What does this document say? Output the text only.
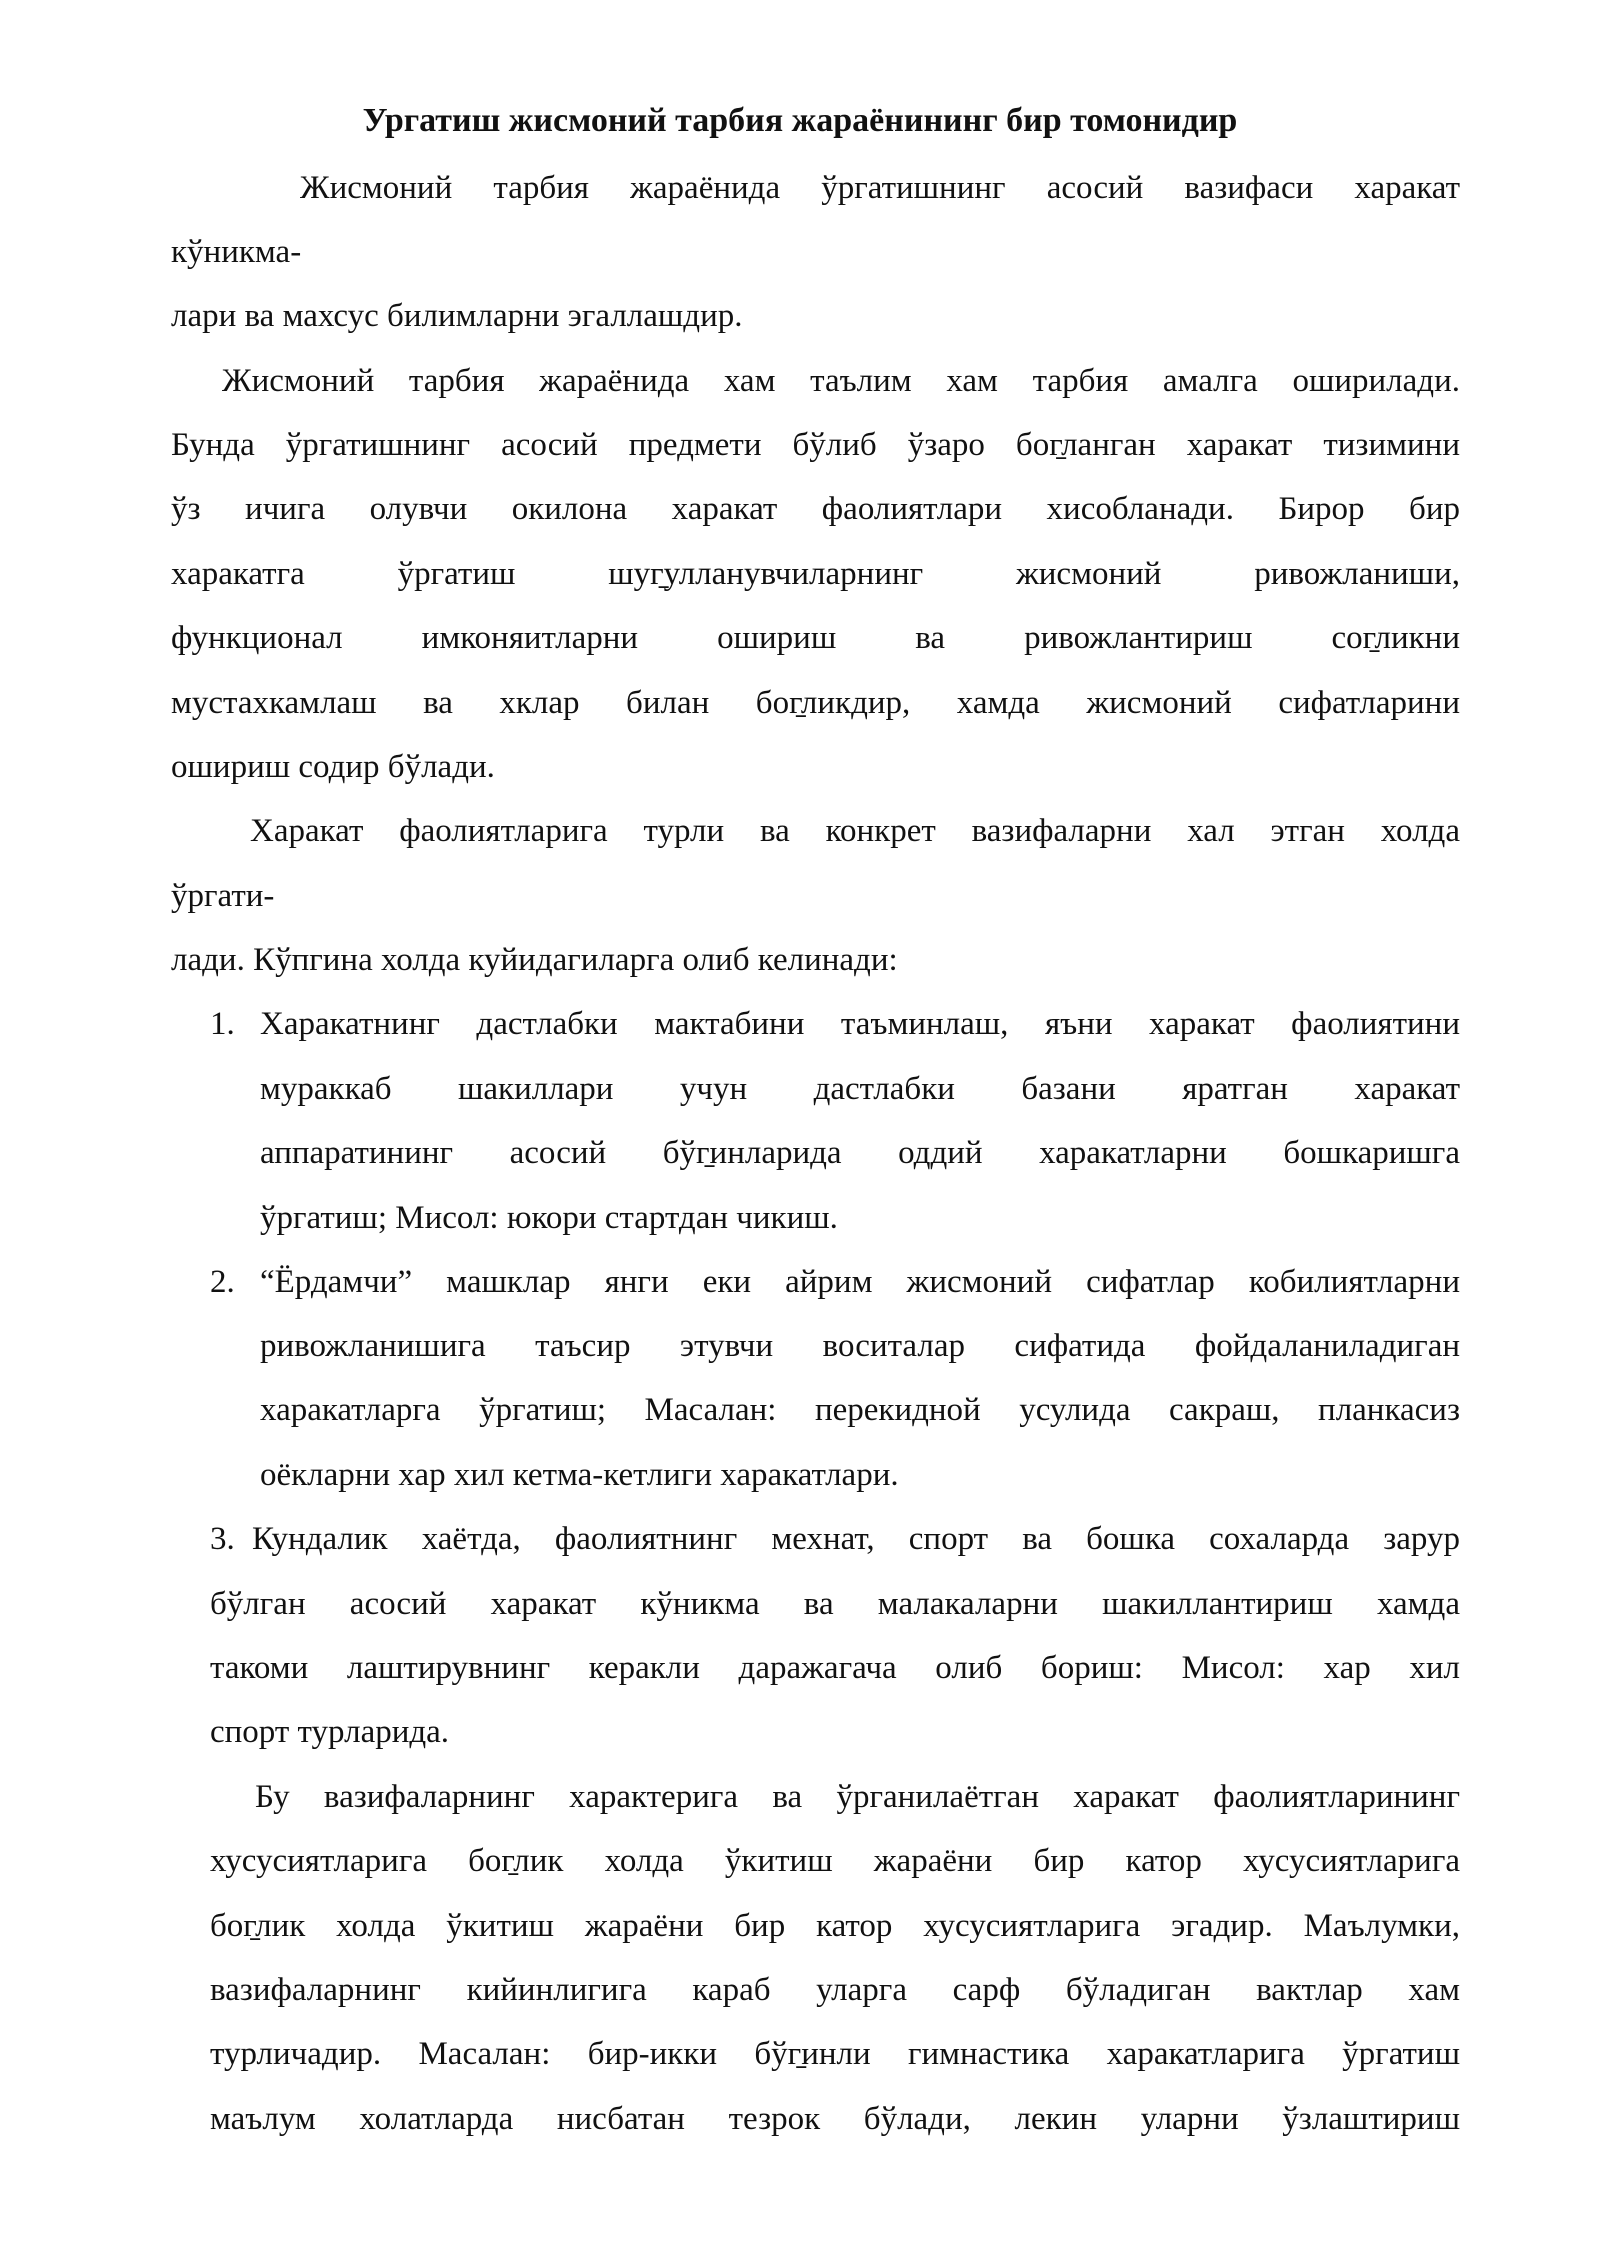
Ургатиш жисмоний тарбия жараёнининг бир томонидир
Жисмоний тарбия жараёнида ўргатишнинг асосий вазифаси харакат
кўникма-
лари ва махсус билимларни эгаллашдир.
Жисмоний тарбия жараёнида хам таълим хам тарбия амалга оширилади.
Бунда ўргатишнинг асосий предмети бўлиб ўзаро бог̱ланган харакат тизимини
ўз ичига олувчи окилона харакат фаолиятлари хисобланади. Бирор бир
харакатга ўргатиш шуг̱улланувчиларнинг жисмоний ривожланиши,
функционал имконяитларни ошириш ва ривожлантириш сог̱ликни
мустахкамлаш ва хклар билан бог̱ликдир, хамда жисмоний сифатларини
ошириш содир бўлади.
Харакат фаолиятларига турли ва конкрет вазифаларни хал этган холда
ўргати-
лади. Кўпгина холда куйидагиларга олиб келинади:
1. Харакатнинг дастлабки мактабини таъминлаш, яъни харакат фаолиятини
мураккаб шакиллари учун дастлабки базани яратган харакат
аппаратининг асосий бўг̱инларида оддий харакатларни бошкаришга
ўргатиш; Мисол: юкори стартдан чикиш.
2. “Ёрдамчи” машклар янги еки айрим жисмоний сифатлар кобилиятларни
ривожланишига таъсир этувчи воситалар сифатида фойдаланиладиган
харакатларга ўргатиш; Масалан: перекидной усулида сакраш, планкасиз
оёкларни хар хил кетма-кетлиги харакатлари.
3. Кундалик хаётда, фаолиятнинг мехнат, спорт ва бошка сохаларда зарур
бўлган асосий харакат кўникма ва малакаларни шакиллантириш хамда
такоми лаштирувнинг керакли даражагача олиб бориш: Мисол: хар хил
спорт турларида.
Бу вазифаларнинг характерига ва ўрганилаётган харакат фаолиятларининг
хусусиятларига бог̱лик холда ўкитиш жараёни бир катор хусусиятларига
бог̱лик холда ўкитиш жараёни бир катор хусусиятларига эгадир. Маълумки,
вазифаларнинг кийинлигига караб уларга сарф бўладиган вактлар хам
турличадир. Масалан: бир-икки бўг̱инли гимнастика харакатларига ўргатиш
маълум холатларда нисбатан тезрок бўлади, лекин уларни ўзлаштириш
